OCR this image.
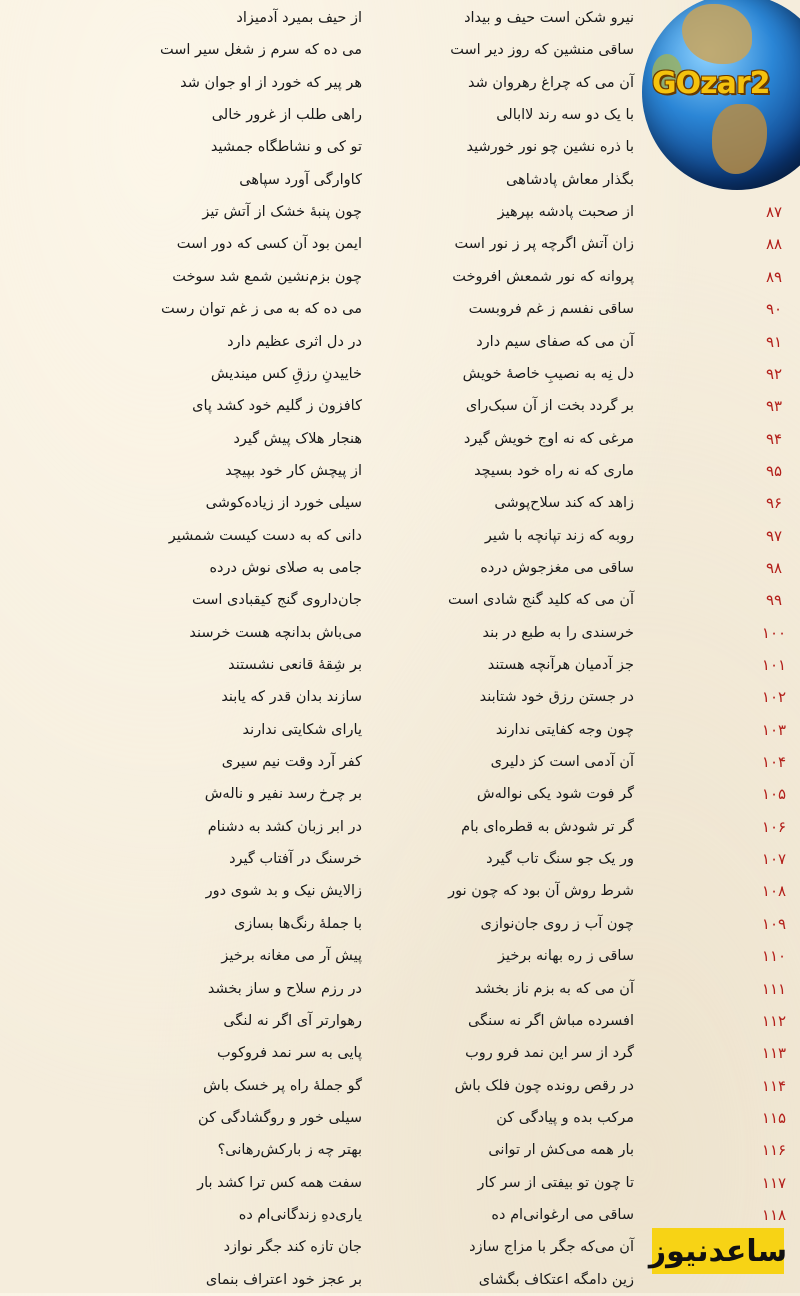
GOzar2
نیرو شکن است حیف و بیداد
از حیف بمیرد آدمیزاد
ساقی منشین که روز دیر است
می ده که سرم ز شغل سیر است
آن می که چراغ رهروان شد
هر پیر که خورد از او جوان شد
با یک دو سه رند لاابالی
راهی طلب از غرور خالی
با ذره نشین چو نور خورشید
تو کی و نشاطگاه جمشید
بگذار معاش پادشاهی
کاوارگی آورد سپاهی
۸۷
از صحبت پادشه بپرهیز
چون پنبهٔ خشک از آتش تیز
۸۸
زان آتش اگرچه پر ز نور است
ایمن بود آن کسی که دور است
۸۹
پروانه که نور شمعش افروخت
چون بزم‌نشین شمع شد سوخت
۹۰
ساقی نفسم ز غم فروبست
می ده که به می ز غم توان رست
۹۱
آن می که صفای سیم دارد
در دل اثری عظیم دارد
۹۲
دل نِه به نصیبِ خاصهٔ خویش
خاییدنِ رزقِ کس میندیش
۹۳
بر گردد بخت از آن سبک‌رای
کافزون ز گلیم خود کشد پای
۹۴
مرغی که نه اوج خویش گیرد
هنجار هلاک پیش گیرد
۹۵
ماری که نه راه خود بسیچد
از پیچش کار خود بپیچد
۹۶
زاهد که کند سلاح‌پوشی
سیلی خورد از زیاده‌کوشی
۹۷
روبه که زند تپانچه با شیر
دانی که به دست کیست شمشیر
۹۸
ساقی می مغزجوش درده
جامی به صلای نوش درده
۹۹
آن می که کلید گنج شادی است
جان‌داروی گنج کیقبادی است
۱۰۰
خرسندی را به طبع در بند
می‌باش بدانچه هست خرسند
۱۰۱
جز آدمیان هرآنچه هستند
بر شِقهٔ قانعی نشستند
۱۰۲
در جستن رزق خود شتابند
سازند بدان قدر که یابند
۱۰۳
چون وجه کفایتی ندارند
یارای شکایتی ندارند
۱۰۴
آن آدمی است کز دلیری
کفر آرد وقت نیم سیری
۱۰۵
گر فوت شود یکی نواله‌ش
بر چرخ رسد نفیر و ناله‌ش
۱۰۶
گر تر شودش به قطره‌ای بام
در ابر زبان کشد به دشنام
۱۰۷
ور یک جو سنگ تاب گیرد
خرسنگ در آفتاب گیرد
۱۰۸
شرط روش آن بود که چون نور
زالایش نیک و بد شوی دور
۱۰۹
چون آب ز روی جان‌نوازی
با جملهٔ رنگ‌ها بسازی
۱۱۰
ساقی ز ره بهانه برخیز
پیش آر می مغانه برخیز
۱۱۱
آن می که به بزم ناز بخشد
در رزم سلاح و ساز بخشد
۱۱۲
افسرده مباش اگر نه سنگی
رهوارتر آی اگر نه لنگی
۱۱۳
گرد از سر این نمد فرو روب
پایی به سر نمد فروکوب
۱۱۴
در رقص رونده چون فلک باش
گو جملهٔ راه پر خسک باش
۱۱۵
مرکب بده و پیادگی کن
سیلی خور و روگشادگی کن
۱۱۶
بار همه می‌کش ار توانی
بهتر چه ز بارکش‌رهانی؟
۱۱۷
تا چون تو بیفتی از سر کار
سفت همه کس ترا کشد بار
۱۱۸
ساقی می ارغوانی‌ام ده
یاری‌دهِ زندگانی‌ام ده
آن می‌که جگر با مزاج سازد
جان تازه کند جگر نوازد
زین دامگه اعتکاف بگشای
بر عجز خود اعتراف بنمای
ساعدنیوز
